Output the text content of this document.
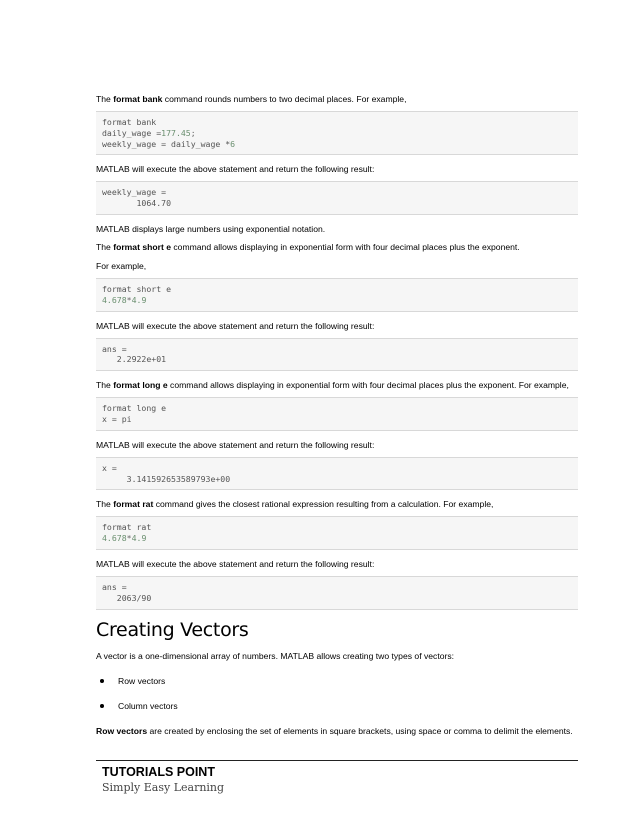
The format bank command rounds numbers to two decimal places. For example,

format bank
daily_wage =177.45;
weekly_wage = daily_wage *6

MATLAB will execute the above statement and return the following result:

weekly_wage =
1064.70

MATLAB displays large numbers using exponential notation.

The format short e command allows displaying in exponential form with four decimal places plus the exponent.

For example,

format short e
4.678*4.9

MATLAB will execute the above statement and return the following result:

ans =
2.2922e+01

The format long e command allows displaying in exponential form with four decimal places plus the exponent. For example,

format long e
x = pi

MATLAB will execute the above statement and return the following result:

x =
3.141592653589793e+00

The format rat command gives the closest rational expression resulting from a calculation. For example,

format rat
4.678*4.9

MATLAB will execute the above statement and return the following result:

ans =
2063/90
Creating Vectors

A vector is a one-dimensional array of numbers. MATLAB allows creating two types of vectors:

Row vectors
Column vectors

Row vectors are created by enclosing the set of elements in square brackets, using space or comma to delimit the elements.

TUTORIALS POINT
Simply Easy Learning
